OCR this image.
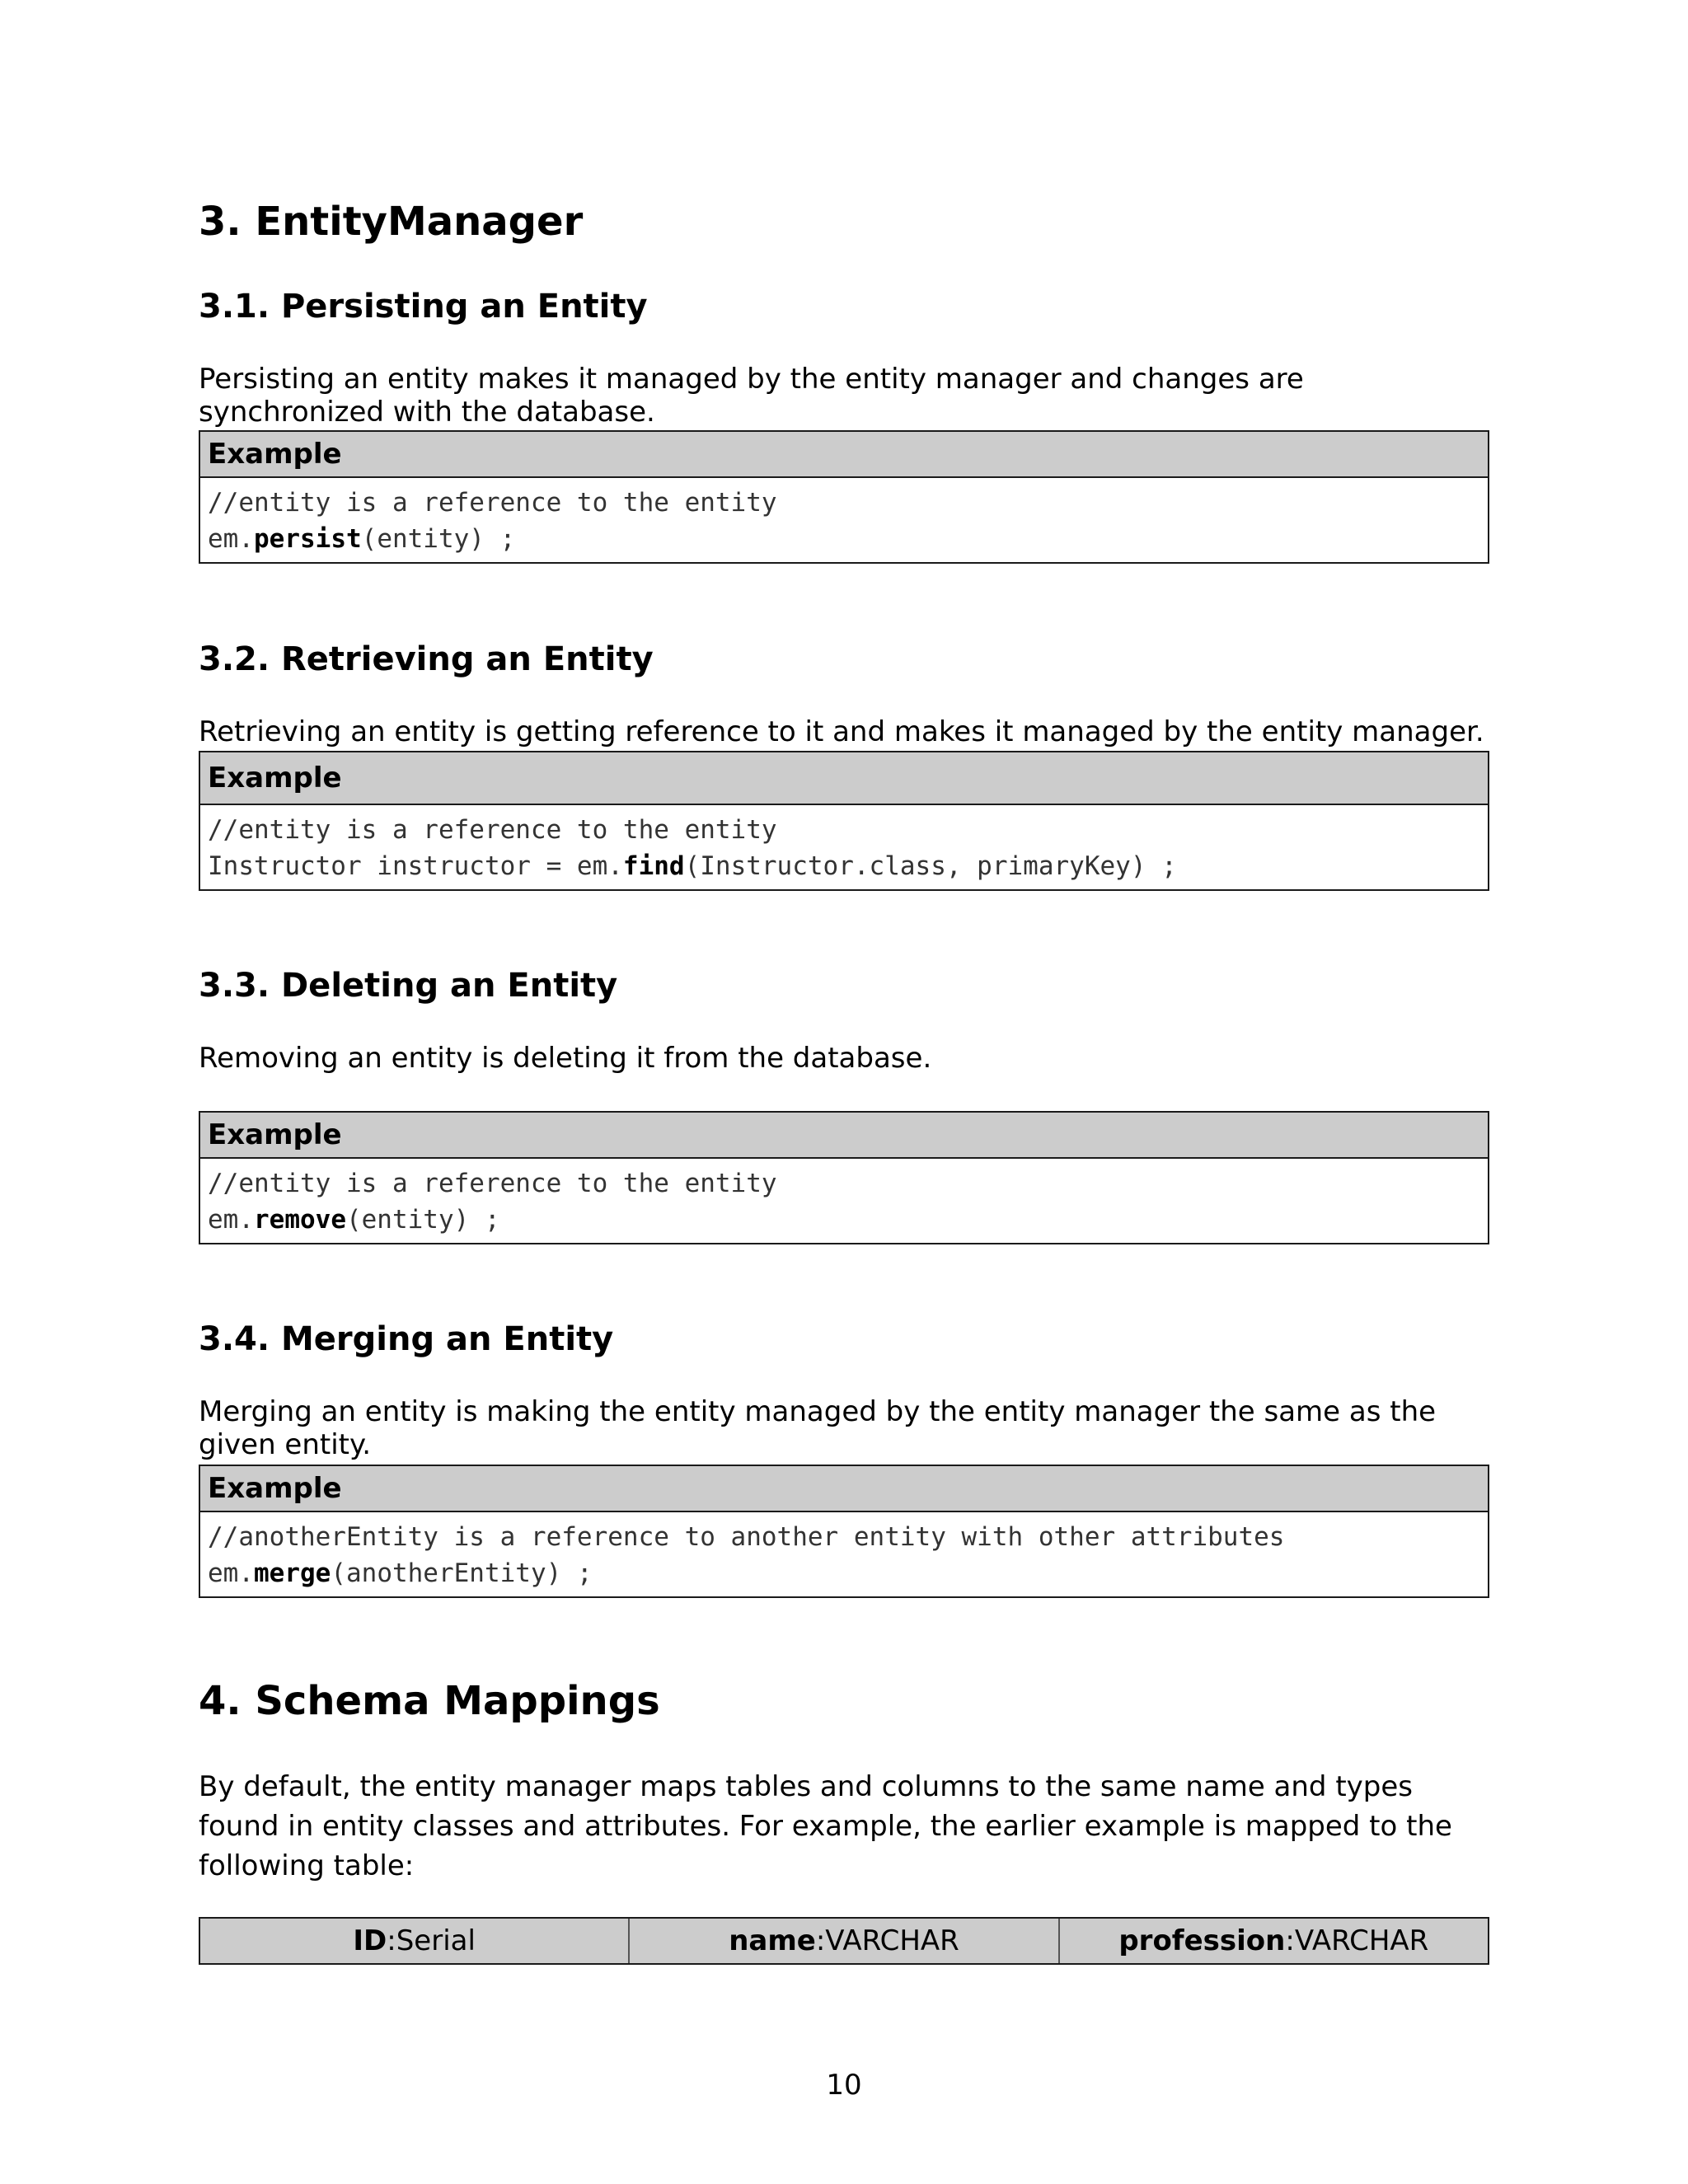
3. EntityManager
3.1. Persisting an Entity
Persisting an entity makes it managed by the entity manager and changes are synchronized with the database.
Example
//entity is a reference to the entity
em.persist(entity) ;
3.2. Retrieving an Entity
Retrieving an entity is getting reference to it and makes it managed by the entity manager.
Example
//entity is a reference to the entity
Instructor instructor = em.find(Instructor.class, primaryKey) ;
3.3. Deleting an Entity
Removing an entity is deleting it from the database.
Example
//entity is a reference to the entity
em.remove(entity) ;
3.4. Merging an Entity
Merging an entity is making the entity managed by the entity manager the same as the given entity.
Example
//anotherEntity is a reference to another entity with other attributes
em.merge(anotherEntity) ;
4. Schema Mappings
By default, the entity manager maps tables and columns to the same name and types found in entity classes and attributes. For example, the earlier example is mapped to the following table:
ID :Serial	name :VARCHAR	profession :VARCHAR
10
